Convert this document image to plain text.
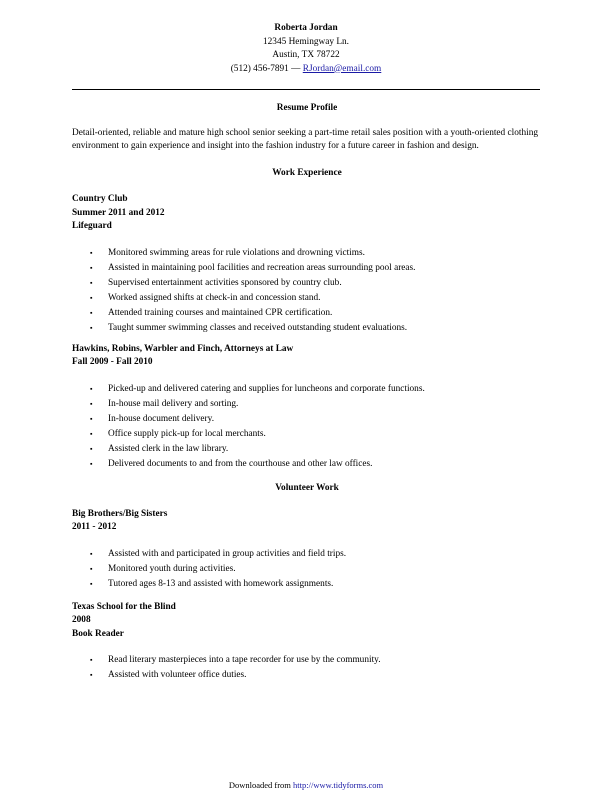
Roberta Jordan
12345 Hemingway Ln.
Austin, TX 78722
(512) 456-7891 — RJordan@email.com
Resume Profile
Detail-oriented, reliable and mature high school senior seeking a part-time retail sales position with a youth-oriented clothing environment to gain experience and insight into the fashion industry for a future career in fashion and design.
Work Experience
Country Club
Summer 2011 and 2012
Lifeguard
▪ Monitored swimming areas for rule violations and drowning victims.
▪ Assisted in maintaining pool facilities and recreation areas surrounding pool areas.
▪ Supervised entertainment activities sponsored by country club.
▪ Worked assigned shifts at check-in and concession stand.
▪ Attended training courses and maintained CPR certification.
▪ Taught summer swimming classes and received outstanding student evaluations.
Hawkins, Robins, Warbler and Finch, Attorneys at Law
Fall 2009 - Fall 2010
▪ Picked-up and delivered catering and supplies for luncheons and corporate functions.
▪ In-house mail delivery and sorting.
▪ In-house document delivery.
▪ Office supply pick-up for local merchants.
▪ Assisted clerk in the law library.
▪ Delivered documents to and from the courthouse and other law offices.
Volunteer Work
Big Brothers/Big Sisters
2011 - 2012
▪ Assisted with and participated in group activities and field trips.
▪ Monitored youth during activities.
▪ Tutored ages 8-13 and assisted with homework assignments.
Texas School for the Blind
2008
Book Reader
▪ Read literary masterpieces into a tape recorder for use by the community.
▪ Assisted with volunteer office duties.
Downloaded from http://www.tidyforms.com
